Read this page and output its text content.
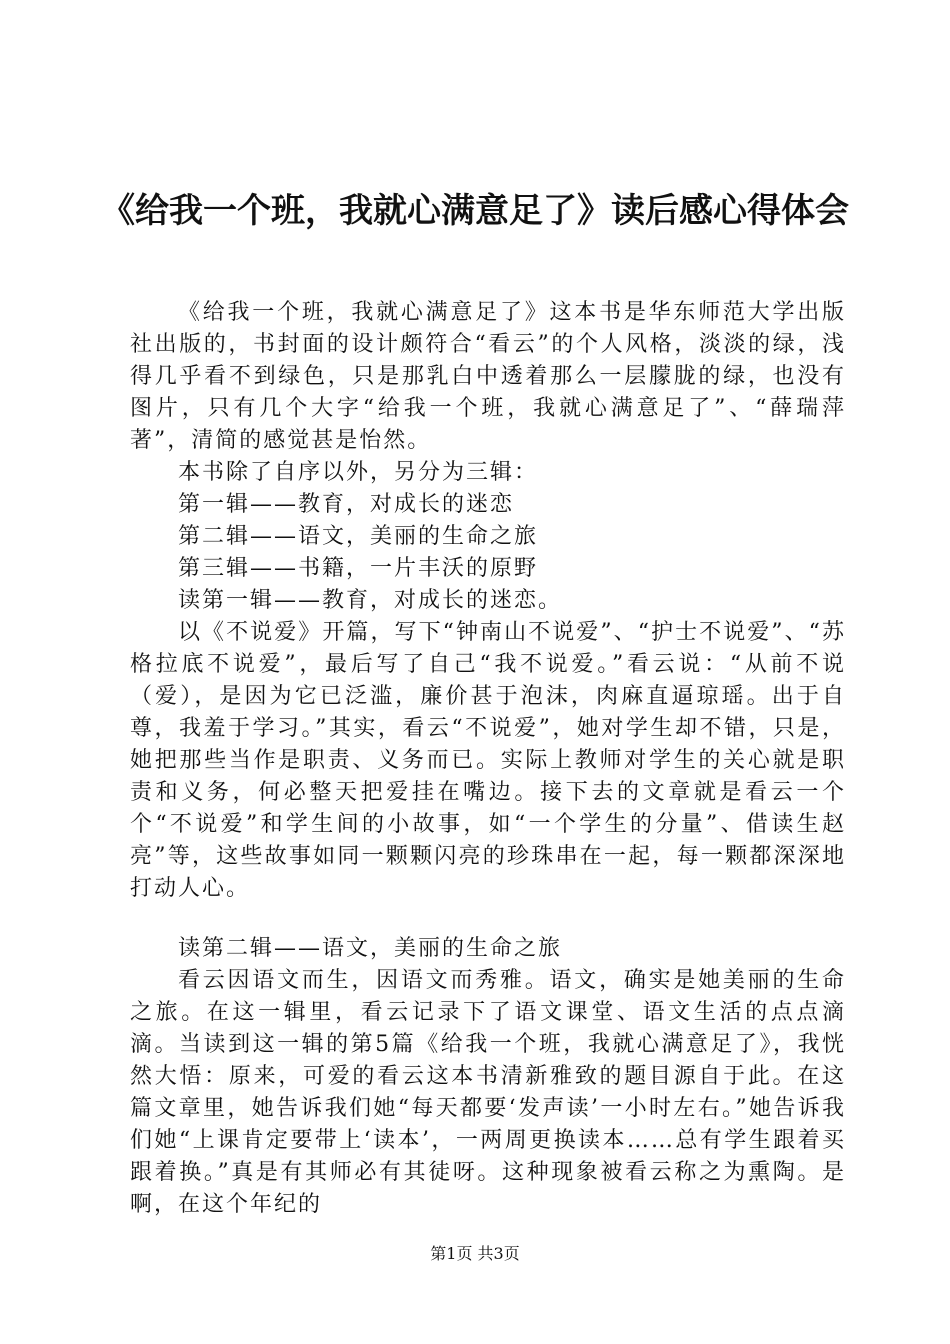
《给我一个班，我就心满意足了》读后感心得体会

《给我一个班，我就心满意足了》这本书是华东师范大学出版社出版的，书封面的设计颇符合“看云”的个人风格，淡淡的绿，浅得几乎看不到绿色，只是那乳白中透着那么一层朦胧的绿，也没有图片，只有几个大字“给我一个班，我就心满意足了”、“薛瑞萍著”，清简的感觉甚是怡然。

本书除了自序以外，另分为三辑：

第一辑——教育，对成长的迷恋

第二辑——语文，美丽的生命之旅

第三辑——书籍，一片丰沃的原野

读第一辑——教育，对成长的迷恋。

以《不说爱》开篇，写下“钟南山不说爱”、“护士不说爱”、“苏格拉底不说爱”，最后写了自己“我不说爱。”看云说：“从前不说（爱），是因为它已泛滥，廉价甚于泡沫，肉麻直逼琼瑶。出于自尊，我羞于学习。”其实，看云“不说爱”，她对学生却不错，只是，她把那些当作是职责、义务而已。实际上教师对学生的关心就是职责和义务，何必整天把爱挂在嘴边。接下去的文章就是看云一个个“不说爱”和学生间的小故事，如“一个学生的分量”、借读生赵亮”等，这些故事如同一颗颗闪亮的珍珠串在一起，每一颗都深深地打动人心。

读第二辑——语文，美丽的生命之旅

看云因语文而生，因语文而秀雅。语文，确实是她美丽的生命之旅。在这一辑里，看云记录下了语文课堂、语文生活的点点滴滴。当读到这一辑的第5篇《给我一个班，我就心满意足了》，我恍然大悟：原来，可爱的看云这本书清新雅致的题目源自于此。在这篇文章里，她告诉我们她“每天都要‘发声读’一小时左右。”她告诉我们她“上课肯定要带上‘读本’，一两周更换读本……总有学生跟着买跟着换。”真是有其师必有其徒呀。这种现象被看云称之为熏陶。是啊，在这个年纪的

第1页 共3页
